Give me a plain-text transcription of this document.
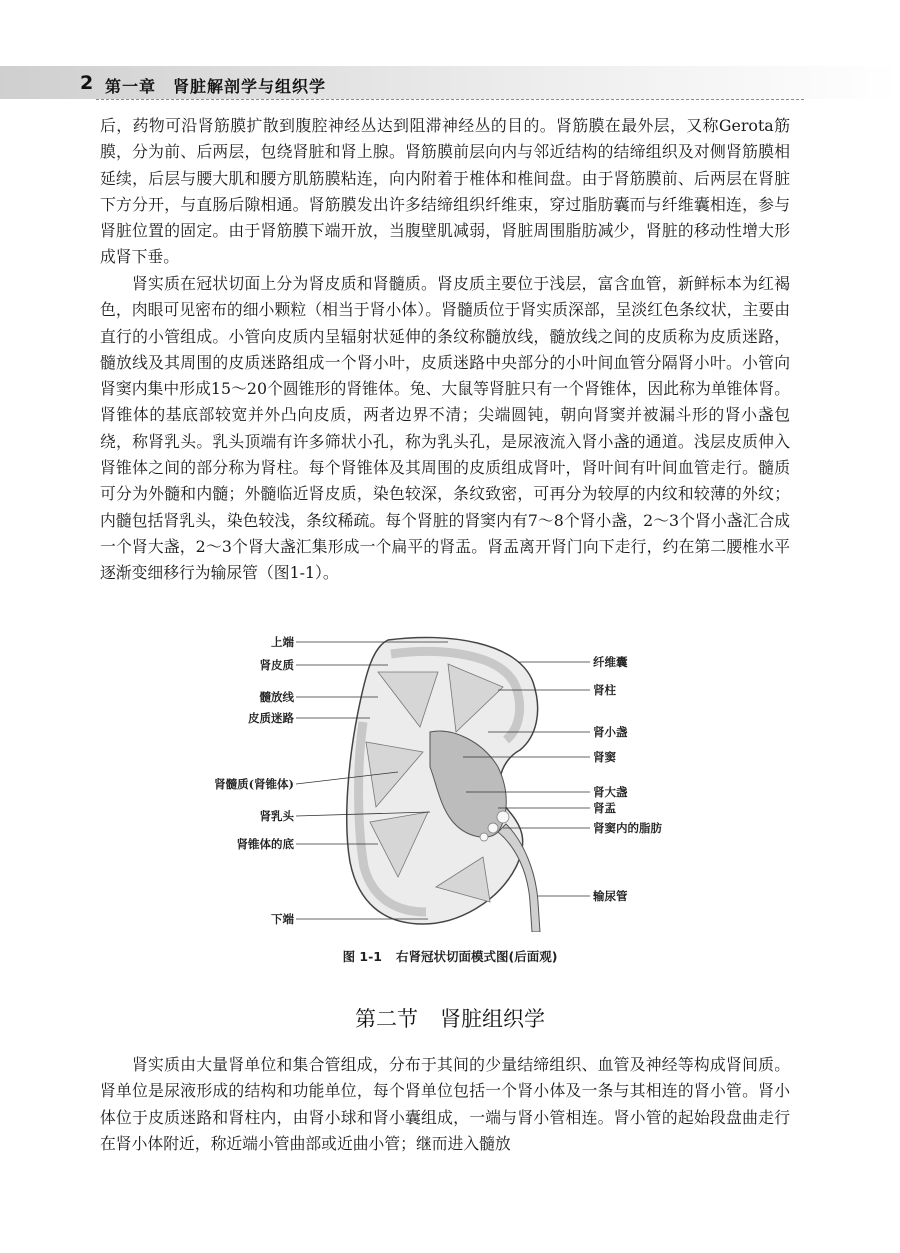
2 第一章　肾脏解剖学与组织学

后，药物可沿肾筋膜扩散到腹腔神经丛达到阻滞神经丛的目的。肾筋膜在最外层，又称Gerota筋膜，分为前、后两层，包绕肾脏和肾上腺。肾筋膜前层向内与邻近结构的结缔组织及对侧肾筋膜相延续，后层与腰大肌和腰方肌筋膜粘连，向内附着于椎体和椎间盘。由于肾筋膜前、后两层在肾脏下方分开，与直肠后隙相通。肾筋膜发出许多结缔组织纤维束，穿过脂肪囊而与纤维囊相连，参与肾脏位置的固定。由于肾筋膜下端开放，当腹壁肌减弱，肾脏周围脂肪减少，肾脏的移动性增大形成肾下垂。

肾实质在冠状切面上分为肾皮质和肾髓质。肾皮质主要位于浅层，富含血管，新鲜标本为红褐色，肉眼可见密布的细小颗粒（相当于肾小体）。肾髓质位于肾实质深部，呈淡红色条纹状，主要由直行的小管组成。小管向皮质内呈辐射状延伸的条纹称髓放线，髓放线之间的皮质称为皮质迷路，髓放线及其周围的皮质迷路组成一个肾小叶，皮质迷路中央部分的小叶间血管分隔肾小叶。小管向肾窦内集中形成15～20个圆锥形的肾锥体。兔、大鼠等肾脏只有一个肾锥体，因此称为单锥体肾。肾锥体的基底部较宽并外凸向皮质，两者边界不清；尖端圆钝，朝向肾窦并被漏斗形的肾小盏包绕，称肾乳头。乳头顶端有许多筛状小孔，称为乳头孔，是尿液流入肾小盏的通道。浅层皮质伸入肾锥体之间的部分称为肾柱。每个肾锥体及其周围的皮质组成肾叶，肾叶间有叶间血管走行。髓质可分为外髓和内髓；外髓临近肾皮质，染色较深，条纹致密，可再分为较厚的内纹和较薄的外纹；内髓包括肾乳头，染色较浅，条纹稀疏。每个肾脏的肾窦内有7～8个肾小盏，2～3个肾小盏汇合成一个肾大盏，2～3个肾大盏汇集形成一个扁平的肾盂。肾盂离开肾门向下走行，约在第二腰椎水平逐渐变细移行为输尿管（图1-1）。

上端
肾皮质
髓放线
皮质迷路
肾髓质(肾锥体)
肾乳头
肾锥体的底
下端
纤维囊
肾柱
肾小盏
肾窦
肾大盏
肾盂
肾窦内的脂肪
输尿管
图 1-1 右肾冠状切面模式图(后面观)
第二节 肾脏组织学

肾实质由大量肾单位和集合管组成，分布于其间的少量结缔组织、血管及神经等构成肾间质。肾单位是尿液形成的结构和功能单位，每个肾单位包括一个肾小体及一条与其相连的肾小管。肾小体位于皮质迷路和肾柱内，由肾小球和肾小囊组成，一端与肾小管相连。肾小管的起始段盘曲走行在肾小体附近，称近端小管曲部或近曲小管；继而进入髓放
